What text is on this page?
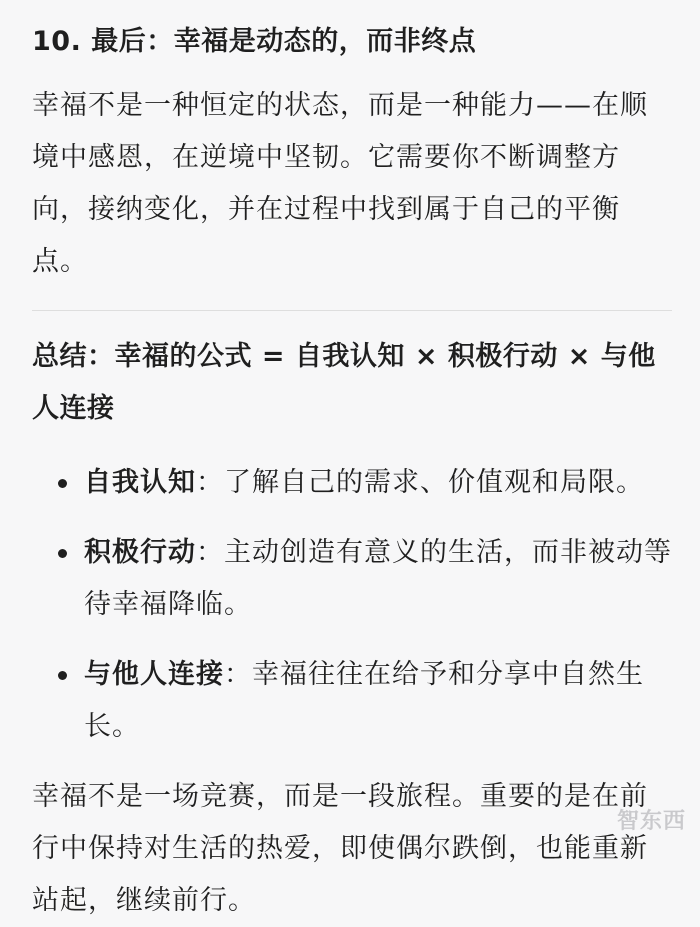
10. 最后：幸福是动态的，而非终点
幸福不是一种恒定的状态，而是一种能力——在顺境中感恩，在逆境中坚韧。它需要你不断调整方向，接纳变化，并在过程中找到属于自己的平衡点。
总结：幸福的公式 = 自我认知 × 积极行动 × 与他人连接
自我认知：了解自己的需求、价值观和局限。
积极行动：主动创造有意义的生活，而非被动等待幸福降临。
与他人连接：幸福往往在给予和分享中自然生长。
幸福不是一场竞赛，而是一段旅程。重要的是在前行中保持对生活的热爱，即使偶尔跌倒，也能重新站起，继续前行。
智东西
